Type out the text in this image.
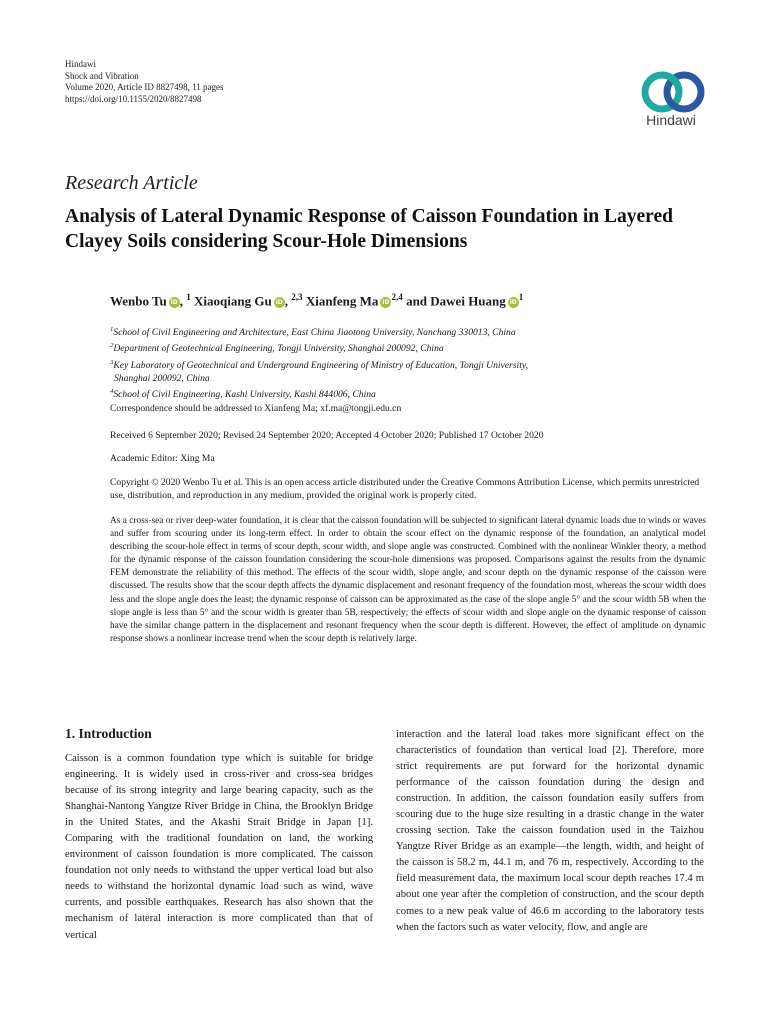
Hindawi
Shock and Vibration
Volume 2020, Article ID 8827498, 11 pages
https://doi.org/10.1155/2020/8827498
Hindawi
Research Article
Analysis of Lateral Dynamic Response of Caisson Foundation in Layered Clayey Soils considering Scour-Hole Dimensions
Wenbo Tu iD , $^1$ Xiaoqiang Gu iD , $^{2,3}$ Xianfeng Ma iD$^{2,4}$ and Dawei Huang $iD^1$
$^1$School of Civil Engineering and Architecture, East China Jiaotong University, Nanchang 330013, China
$^2$Department of Geotechnical Engineering, Tongji University, Shanghai 200092, China
$^3$Key Laboratory of Geotechnical and Underground Engineering of Ministry of Education, Tongji University,
Shanghai 200092, China
$^4$School of Civil Engineering, Kashi University, Kashi 844006, China
Correspondence should be addressed to Xianfeng Ma; xf.ma@tongji.edu.cn
Received 6 September 2020; Revised 24 September 2020; Accepted 4 October 2020; Published 17 October 2020
Academic Editor: Xing Ma
Copyright © 2020 Wenbo Tu et al. This is an open access article distributed under the Creative Commons Attribution License, which permits unrestricted use, distribution, and reproduction in any medium, provided the original work is properly cited.
As a cross-sea or river deep-water foundation, it is clear that the caisson foundation will be subjected to significant lateral dynamic loads due to winds or waves and suffer from scouring under its long-term effect. In order to obtain the scour effect on the dynamic response of the foundation, an analytical model describing the scour-hole effect in terms of scour depth, scour width, and slope angle was constructed. Combined with the nonlinear Winkler theory, a method for the dynamic response of the caisson foundation considering the scour-hole dimensions was proposed. Comparisons against the results from the dynamic FEM demonstrate the reliability of this method. The effects of the scour width, slope angle, and scour depth on the dynamic response of the caisson were discussed. The results show that the scour depth affects the dynamic displacement and resonant frequency of the foundation most, whereas the scour width does less and the slope angle does the least; the dynamic response of caisson can be approximated as the case of the slope angle 5° and the scour width 5B when the slope angle is less than 5° and the scour width is greater than 5B, respectively; the effects of scour width and slope angle on the dynamic response of caisson have the similar change pattern in the displacement and resonant frequency when the scour depth is different. However, the effect of amplitude on dynamic response shows a nonlinear increase trend when the scour depth is relatively large.
1. Introduction
Caisson is a common foundation type which is suitable for bridge engineering. It is widely used in cross-river and cross-sea bridges because of its strong integrity and large bearing capacity, such as the Shanghai-Nantong Yangtze River Bridge in China, the Brooklyn Bridge in the United States, and the Akashi Strait Bridge in Japan [1]. Comparing with the traditional foundation on land, the working environment of caisson foundation is more complicated. The caisson foundation not only needs to withstand the upper vertical load but also needs to withstand the horizontal dynamic load such as wind, wave currents, and possible earthquakes. Research has also shown that the mechanism of lateral interaction is more complicated than that of vertical
interaction and the lateral load takes more significant effect on the characteristics of foundation than vertical load [2]. Therefore, more strict requirements are put forward for the horizontal dynamic performance of the caisson foundation during the design and construction. In addition, the caisson foundation easily suffers from scouring due to the huge size resulting in a drastic change in the water crossing section. Take the caisson foundation used in the Taizhou Yangtze River Bridge as an example—the length, width, and height of the caisson is 58.2 m, 44.1 m, and 76 m, respectively. According to the field measurement data, the maximum local scour depth reaches 17.4 m about one year after the completion of construction, and the scour depth comes to a new peak value of 46.6 m according to the laboratory tests when the factors such as water velocity, flow, and angle are
